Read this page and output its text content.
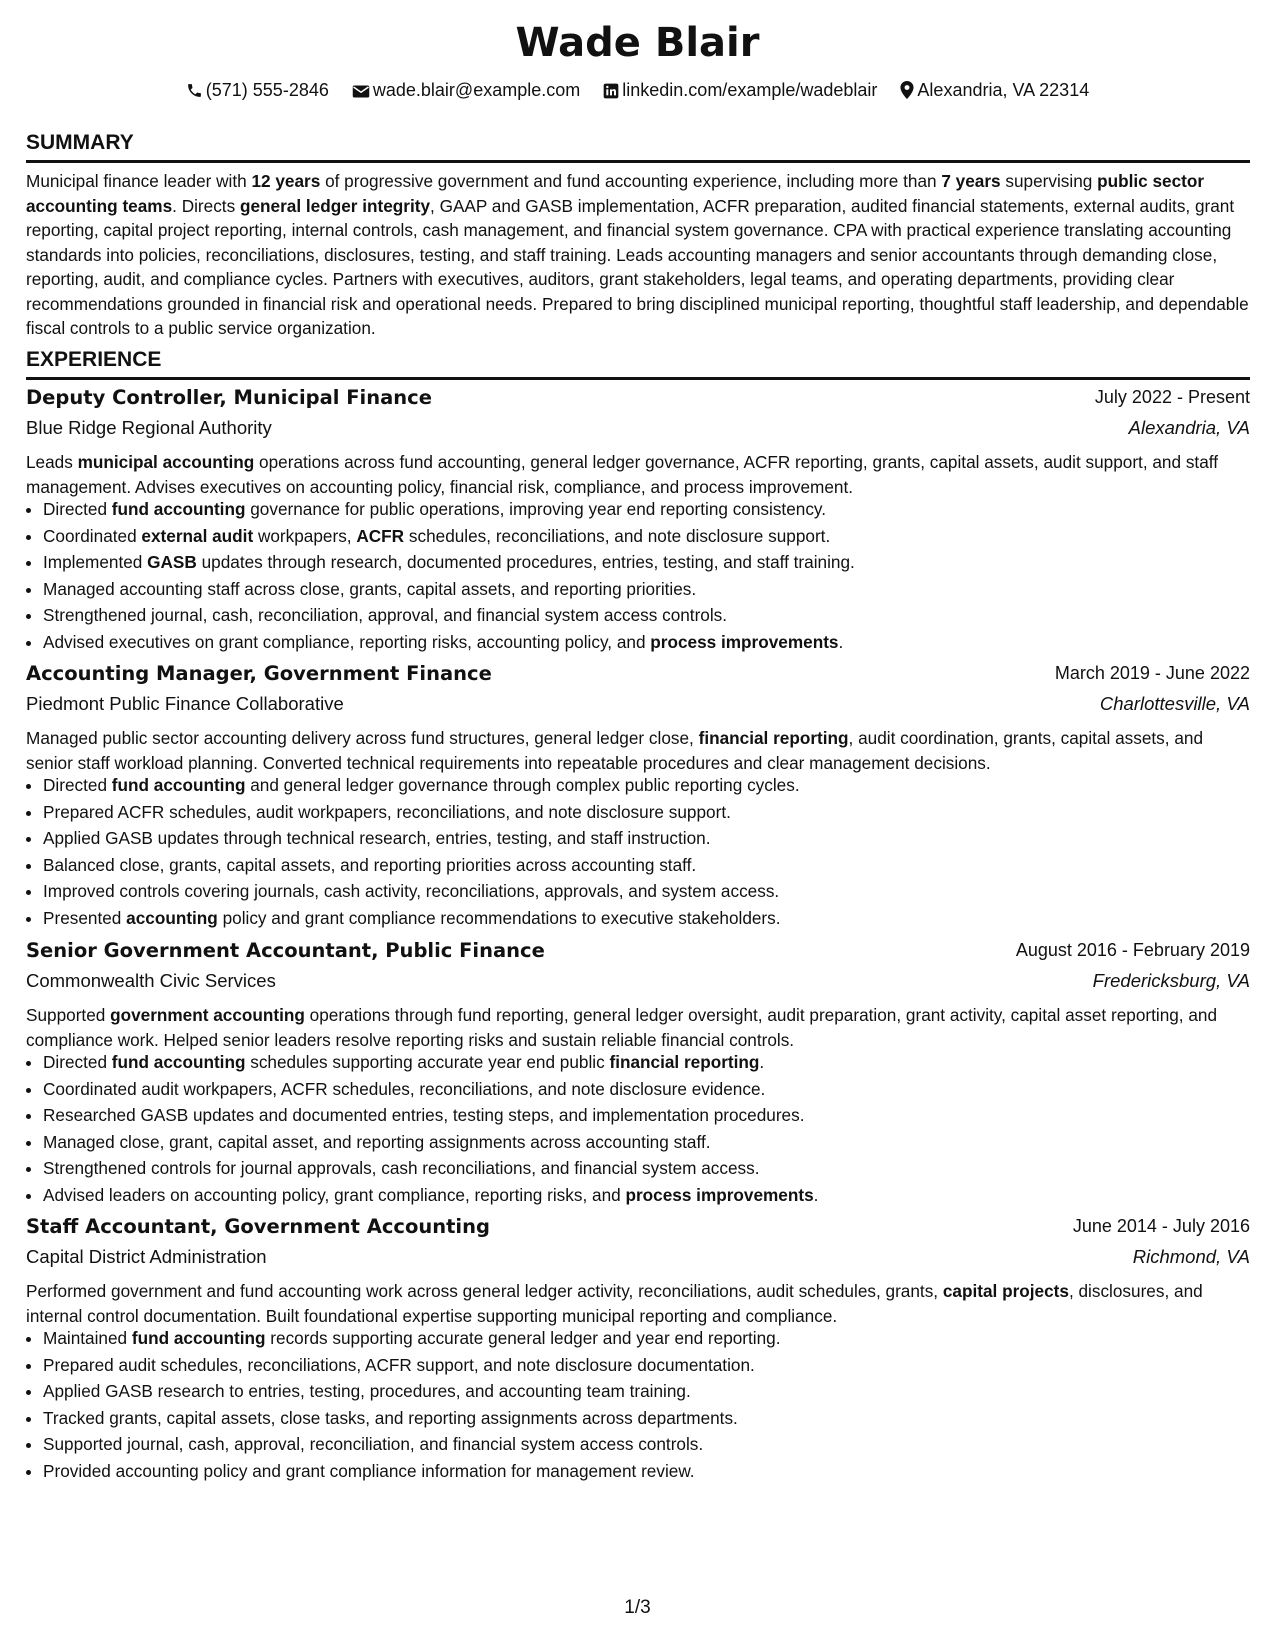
Wade Blair
(571) 555-2846 wade.blair@example.com linkedin.com/example/wadeblair Alexandria, VA 22314
SUMMARY
Municipal finance leader with 12 years of progressive government and fund accounting experience, including more than 7 years supervising public sector accounting teams. Directs general ledger integrity, GAAP and GASB implementation, ACFR preparation, audited financial statements, external audits, grant reporting, capital project reporting, internal controls, cash management, and financial system governance. CPA with practical experience translating accounting standards into policies, reconciliations, disclosures, testing, and staff training. Leads accounting managers and senior accountants through demanding close, reporting, audit, and compliance cycles. Partners with executives, auditors, grant stakeholders, legal teams, and operating departments, providing clear recommendations grounded in financial risk and operational needs. Prepared to bring disciplined municipal reporting, thoughtful staff leadership, and dependable fiscal controls to a public service organization.
EXPERIENCE
Deputy Controller, Municipal Finance	July 2022 - Present
Blue Ridge Regional Authority	Alexandria, VA
Leads municipal accounting operations across fund accounting, general ledger governance, ACFR reporting, grants, capital assets, audit support, and staff management. Advises executives on accounting policy, financial risk, compliance, and process improvement.
• Directed fund accounting governance for public operations, improving year end reporting consistency.
• Coordinated external audit workpapers, ACFR schedules, reconciliations, and note disclosure support.
• Implemented GASB updates through research, documented procedures, entries, testing, and staff training.
• Managed accounting staff across close, grants, capital assets, and reporting priorities.
• Strengthened journal, cash, reconciliation, approval, and financial system access controls.
• Advised executives on grant compliance, reporting risks, accounting policy, and process improvements.
Accounting Manager, Government Finance	March 2019 - June 2022
Piedmont Public Finance Collaborative	Charlottesville, VA
Managed public sector accounting delivery across fund structures, general ledger close, financial reporting, audit coordination, grants, capital assets, and senior staff workload planning. Converted technical requirements into repeatable procedures and clear management decisions.
• Directed fund accounting and general ledger governance through complex public reporting cycles.
• Prepared ACFR schedules, audit workpapers, reconciliations, and note disclosure support.
• Applied GASB updates through technical research, entries, testing, and staff instruction.
• Balanced close, grants, capital assets, and reporting priorities across accounting staff.
• Improved controls covering journals, cash activity, reconciliations, approvals, and system access.
• Presented accounting policy and grant compliance recommendations to executive stakeholders.
Senior Government Accountant, Public Finance	August 2016 - February 2019
Commonwealth Civic Services	Fredericksburg, VA
Supported government accounting operations through fund reporting, general ledger oversight, audit preparation, grant activity, capital asset reporting, and compliance work. Helped senior leaders resolve reporting risks and sustain reliable financial controls.
• Directed fund accounting schedules supporting accurate year end public financial reporting.
• Coordinated audit workpapers, ACFR schedules, reconciliations, and note disclosure evidence.
• Researched GASB updates and documented entries, testing steps, and implementation procedures.
• Managed close, grant, capital asset, and reporting assignments across accounting staff.
• Strengthened controls for journal approvals, cash reconciliations, and financial system access.
• Advised leaders on accounting policy, grant compliance, reporting risks, and process improvements.
Staff Accountant, Government Accounting	June 2014 - July 2016
Capital District Administration	Richmond, VA
Performed government and fund accounting work across general ledger activity, reconciliations, audit schedules, grants, capital projects, disclosures, and internal control documentation. Built foundational expertise supporting municipal reporting and compliance.
• Maintained fund accounting records supporting accurate general ledger and year end reporting.
• Prepared audit schedules, reconciliations, ACFR support, and note disclosure documentation.
• Applied GASB research to entries, testing, procedures, and accounting team training.
• Tracked grants, capital assets, close tasks, and reporting assignments across departments.
• Supported journal, cash, approval, reconciliation, and financial system access controls.
• Provided accounting policy and grant compliance information for management review.
1/3
